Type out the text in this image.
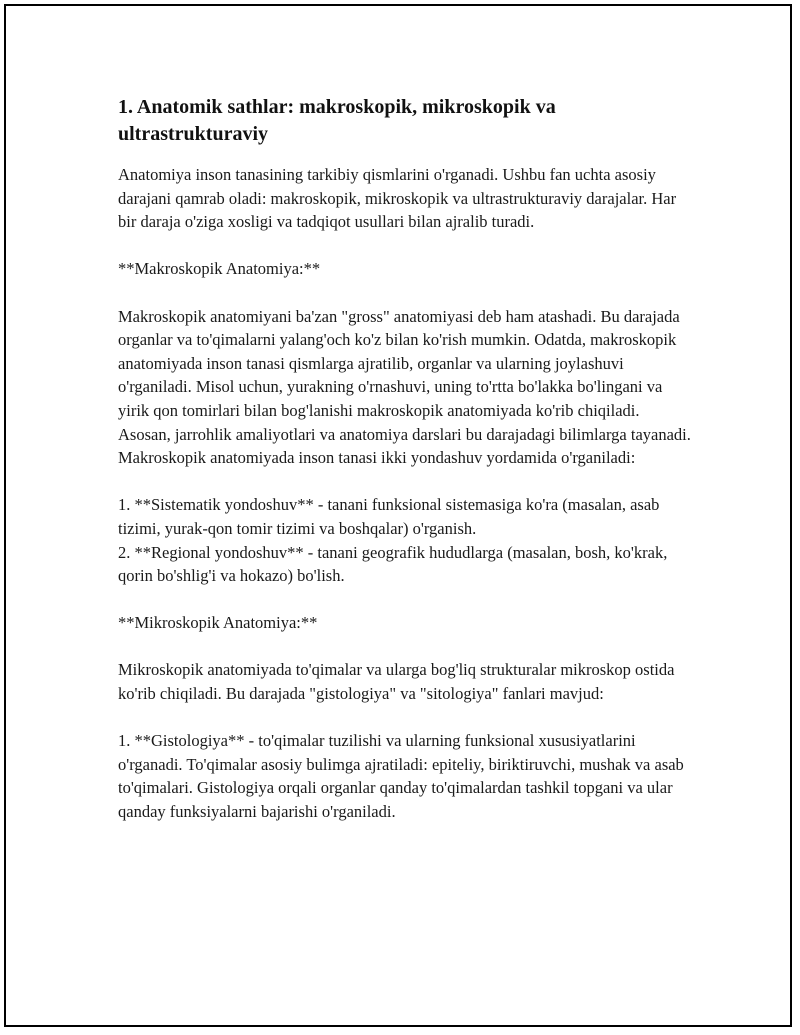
1. Anatomik sathlar: makroskopik, mikroskopik va ultrastrukturaviy

Anatomiya inson tanasining tarkibiy qismlarini o'rganadi. Ushbu fan uchta asosiy darajani qamrab oladi: makroskopik, mikroskopik va ultrastrukturaviy darajalar. Har bir daraja o'ziga xosligi va tadqiqot usullari bilan ajralib turadi.

**Makroskopik Anatomiya:**

Makroskopik anatomiyani ba'zan "gross" anatomiyasi deb ham atashadi. Bu darajada organlar va to'qimalarni yalang'och ko'z bilan ko'rish mumkin. Odatda, makroskopik anatomiyada inson tanasi qismlarga ajratilib, organlar va ularning joylashuvi o'rganiladi. Misol uchun, yurakning o'rnashuvi, uning to'rtta bo'lakka bo'lingani va yirik qon tomirlari bilan bog'lanishi makroskopik anatomiyada ko'rib chiqiladi. Asosan, jarrohlik amaliyotlari va anatomiya darslari bu darajadagi bilimlarga tayanadi. Makroskopik anatomiyada inson tanasi ikki yondashuv yordamida o'rganiladi:

1. **Sistematik yondoshuv** - tanani funksional sistemasiga ko'ra (masalan, asab tizimi, yurak-qon tomir tizimi va boshqalar) o'rganish.

2. **Regional yondoshuv** - tanani geografik hududlarga (masalan, bosh, ko'krak, qorin bo'shlig'i va hokazo) bo'lish.

**Mikroskopik Anatomiya:**

Mikroskopik anatomiyada to'qimalar va ularga bog'liq strukturalar mikroskop ostida ko'rib chiqiladi. Bu darajada "gistologiya" va "sitologiya" fanlari mavjud:

1. **Gistologiya** - to'qimalar tuzilishi va ularning funksional xususiyatlarini o'rganadi. To'qimalar asosiy bulimga ajratiladi: epiteliy, biriktiruvchi, mushak va asab to'qimalari. Gistologiya orqali organlar qanday to'qimalardan tashkil topgani va ular qanday funksiyalarni bajarishi o'rganiladi.
